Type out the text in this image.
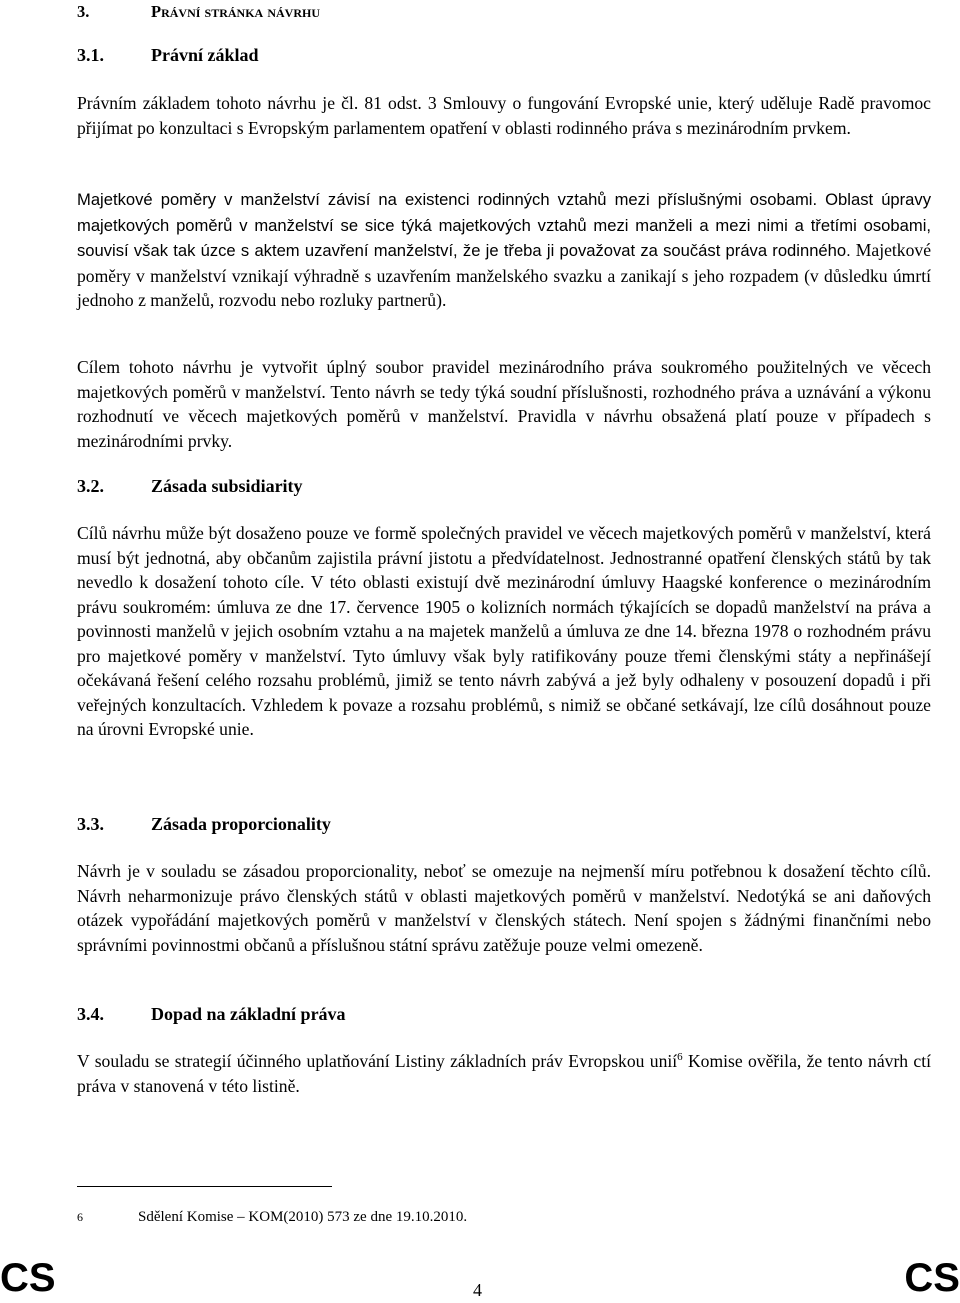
3.	Právní stránka návrhu
3.1.	Právní základ

Právním základem tohoto návrhu je čl. 81 odst. 3 Smlouvy o fungování Evropské unie, který uděluje Radě pravomoc přijímat po konzultaci s Evropským parlamentem opatření v oblasti rodinného práva s mezinárodním prvkem.

Majetkové poměry v manželství závisí na existenci rodinných vztahů mezi příslušnými osobami. Oblast úpravy majetkových poměrů v manželství se sice týká majetkových vztahů mezi manželi a mezi nimi a třetími osobami, souvisí však tak úzce s aktem uzavření manželství, že je třeba ji považovat za součást práva rodinného. Majetkové poměry v manželství vznikají výhradně s uzavřením manželského svazku a zanikají s jeho rozpadem (v důsledku úmrtí jednoho z manželů, rozvodu nebo rozluky partnerů).

Cílem tohoto návrhu je vytvořit úplný soubor pravidel mezinárodního práva soukromého použitelných ve věcech majetkových poměrů v manželství. Tento návrh se tedy týká soudní příslušnosti, rozhodného práva a uznávání a výkonu rozhodnutí ve věcech majetkových poměrů v manželství. Pravidla v návrhu obsažená platí pouze v případech s mezinárodními prvky.

3.2.	Zásada subsidiarity

Cílů návrhu může být dosaženo pouze ve formě společných pravidel ve věcech majetkových poměrů v manželství, která musí být jednotná, aby občanům zajistila právní jistotu a předvídatelnost. Jednostranné opatření členských států by tak nevedlo k dosažení tohoto cíle. V této oblasti existují dvě mezinárodní úmluvy Haagské konference o mezinárodním právu soukromém: úmluva ze dne 17. července 1905 o kolizních normách týkajících se dopadů manželství na práva a povinnosti manželů v jejich osobním vztahu a na majetek manželů a úmluva ze dne 14. března 1978 o rozhodném právu pro majetkové poměry v manželství. Tyto úmluvy však byly ratifikovány pouze třemi členskými státy a nepřinášejí očekávaná řešení celého rozsahu problémů, jimiž se tento návrh zabývá a jež byly odhaleny v posouzení dopadů i při veřejných konzultacích. Vzhledem k povaze a rozsahu problémů, s nimiž se občané setkávají, lze cílů dosáhnout pouze na úrovni Evropské unie.

3.3.	Zásada proporcionality

Návrh je v souladu se zásadou proporcionality, neboť se omezuje na nejmenší míru potřebnou k dosažení těchto cílů. Návrh neharmonizuje právo členských států v oblasti majetkových poměrů v manželství. Nedotýká se ani daňových otázek vypořádání majetkových poměrů v manželství v členských státech. Není spojen s žádnými finančními nebo správními povinnostmi občanů a příslušnou státní správu zatěžuje pouze velmi omezeně.

3.4.	Dopad na základní práva

V souladu se strategií účinného uplatňování Listiny základních práv Evropskou unií$^6$ Komise ověřila, že tento návrh ctí práva v stanovená v této listině.

6	Sdělení Komise – KOM(2010) 573 ze dne 19.10.2010.
CS	4	CS
